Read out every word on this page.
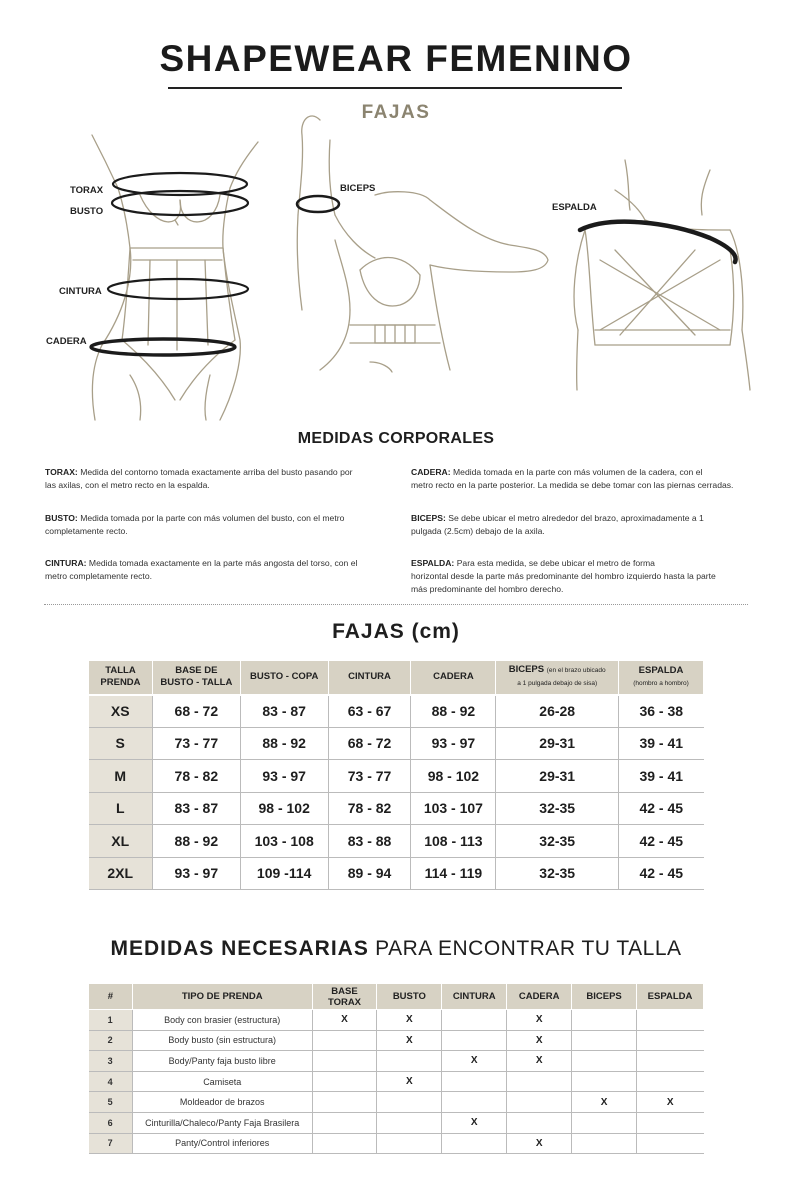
SHAPEWEAR FEMENINO
FAJAS
TORAX
BUSTO
CINTURA
CADERA
BICEPS
ESPALDA
MEDIDAS CORPORALES
TORAX: Medida del contorno tomada exactamente arriba del busto pasando por
las axilas, con el metro recto en la espalda.
BUSTO: Medida tomada por la parte con más volumen del busto, con el metro
completamente recto.
CINTURA: Medida tomada exactamente en la parte más angosta del torso, con el
metro completamente recto.
CADERA: Medida tomada en la parte con más volumen de la cadera, con el
metro recto en la parte posterior. La medida se debe tomar con las piernas cerradas.
BICEPS: Se debe ubicar el metro alrededor del brazo, aproximadamente a 1
pulgada (2.5cm) debajo de la axila.
ESPALDA: Para esta medida, se debe ubicar el metro de forma
horizontal desde la parte más predominante del hombro izquierdo hasta la parte
más predominante del hombro derecho.
FAJAS (cm)
TALLA
PRENDA	BASE DE
BUSTO - TALLA	BUSTO - COPA	CINTURA	CADERA	BICEPS (en el brazo ubicado
a 1 pulgada debajo de sisa)	ESPALDA
(hombro a hombro)
XS	68 - 72	83 - 87	63 - 67	88 - 92	26-28	36 - 38
S	73 - 77	88 - 92	68 - 72	93 - 97	29-31	39 - 41
M	78 - 82	93 - 97	73 - 77	98 - 102	29-31	39 - 41
L	83 - 87	98 - 102	78 - 82	103 - 107	32-35	42 - 45
XL	88 - 92	103 - 108	83 - 88	108 - 113	32-35	42 - 45
2XL	93 - 97	109 -114	89 - 94	114 - 119	32-35	42 - 45
MEDIDAS NECESARIAS PARA ENCONTRAR TU TALLA
#	TIPO DE PRENDA	BASE
TORAX	BUSTO	CINTURA	CADERA	BICEPS	ESPALDA
1	Body con brasier (estructura)	X	X		X		
2	Body busto (sin estructura)		X		X		
3	Body/Panty faja busto libre			X	X		
4	Camiseta		X				
5	Moldeador de brazos					X	X
6	Cinturilla/Chaleco/Panty Faja Brasilera			X			
7	Panty/Control inferiores				X		
